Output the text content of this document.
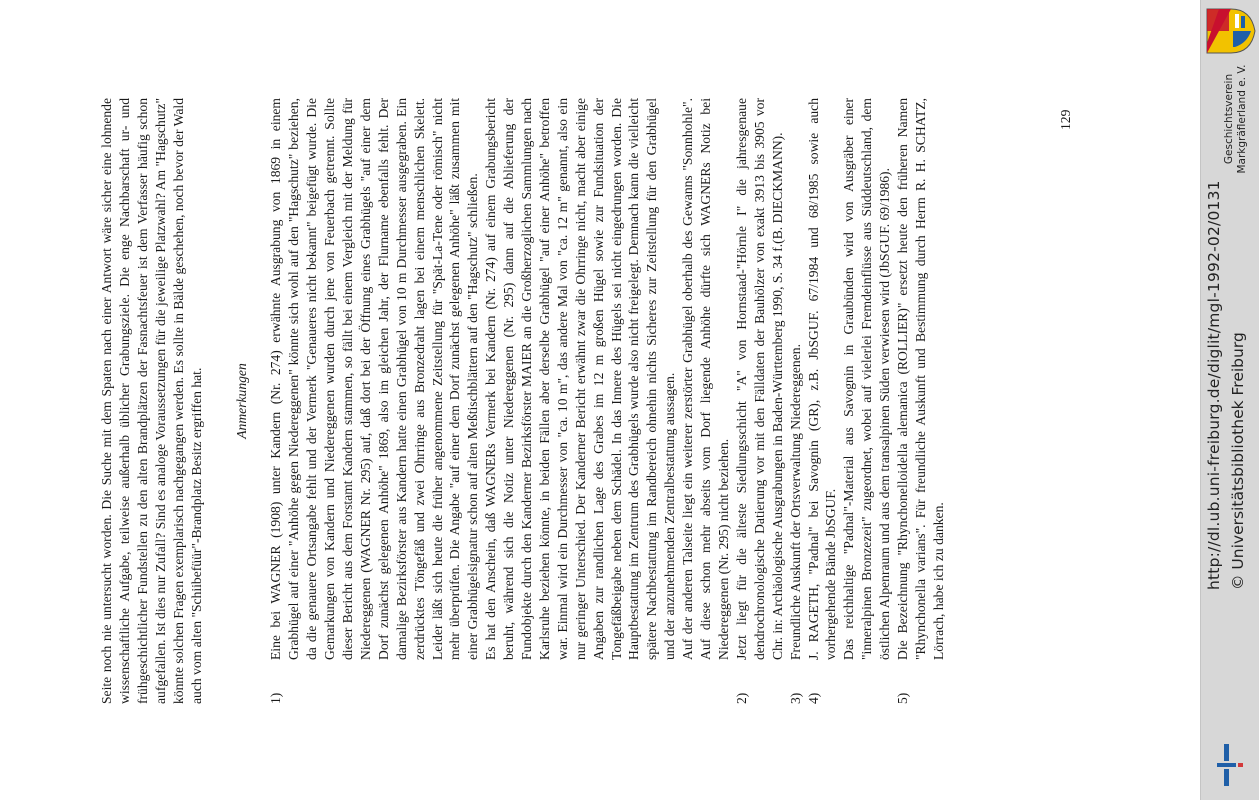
Seite noch nie untersucht worden. Die Suche mit dem Spaten nach einer Antwort wäre sicher eine lohnende wissenschaftliche Aufgabe, teilweise außerhalb üblicher Grabungsziele. Die enge Nachbarschaft ur- und frühgeschichtlicher Fundstellen zu den alten Brandplätzen der Fasnachtsfeuer ist dem Verfasser häufig schon aufgefallen. Ist dies nur Zufall? Sind es analoge Voraussetzungen für die jeweilige Platzwahl? Am "Hagschutz" könnte solchen Fragen exemplarisch nachgegangen werden. Es sollte in Bälde geschehen, noch bevor der Wald auch vom alten "Schiibefüür"-Brandplatz Besitz ergriffen hat. Anmerkungen
1)

Eine bei WAGNER (1908) unter Kandern (Nr. 274) erwähnte Ausgrabung von 1869 in einem Grabhügel auf einer "Anhöhe gegen Niedereggenen" könnte sich wohl auf den "Hagschutz" beziehen, da die genauere Ortsangabe fehlt und der Vermerk "Genaueres nicht bekannt" beigefügt wurde. Die Gemarkungen von Kandern und Niedereggenen wurden durch jene von Feuerbach getrennt. Sollte dieser Bericht aus dem Forstamt Kandern stammen, so fällt bei einem Vergleich mit der Meldung für Niedereggenen (WAGNER Nr. 295) auf, daß dort bei der Öffnung eines Grabhügels "auf einer dem Dorf zunächst gelegenen Anhöhe" 1869, also im gleichen Jahr, der Flurname ebenfalls fehlt. Der damalige Bezirksförster aus Kandern hatte einen Grabhügel von 10 m Durchmesser ausgegraben. Ein zerdrücktes Töngefäß und zwei Ohrringe aus Bronzedraht lagen bei einem menschlichen Skelett. Leider läßt sich heute die früher angenommene Zeitstellung für "Spät-La-Tene oder römisch" nicht mehr überprüfen. Die Angabe "auf einer dem Dorf zunächst gelegenen Anhöhe" läßt zusammen mit einer Grabhügelsignatur schon auf alten Meßtischblättern auf den "Hagschutz" schließen. Es hat den Anschein, daß WAGNERs Vermerk bei Kandern (Nr. 274) auf einem Grabungsbericht beruht, während sich die Notiz unter Niedereggenen (Nr. 295) dann auf die Ablieferung der Fundobjekte durch den Kanderner Bezirksförster MAIER an die Großherzoglichen Sammlungen nach Karlsruhe beziehen könnte, in beiden Fällen aber derselbe Grabhügel "auf einer Anhöhe" betroffen war. Einmal wird ein Durchmesser von "ca. 10 m", das andere Mal von "ca. 12 m" genannt, also ein nur geringer Unterschied. Der Kanderner Bericht erwähnt zwar die Ohrringe nicht, macht aber einige Angaben zur randlichen Lage des Grabes im 12 m großen Hügel sowie zur Fundsituation der Tongefäßbeigabe neben dem Schädel. In das Innere des Hügels sei nicht eingedrungen worden. Die Hauptbestattung im Zentrum des Grabhügels wurde also nicht freigelegt. Demnach kann die vielleicht spätere Nachbestattung im Randbereich ohnehin nichts Sicheres zur Zeitstellung für den Grabhügel und der anzunehmenden Zentralbestattung aussagen. Auf der anderen Talseite liegt ein weiterer zerstörter Grabhügel oberhalb des Gewanns "Sonnhohle". Auf diese schon mehr abseits vom Dorf liegende Anhöhe dürfte sich WAGNERs Notiz bei Niedereggenen (Nr. 295) nicht beziehen.

2)

Jetzt liegt für die älteste Siedlungsschicht "A" von Hornstaad-"Hörnle I" die jahresgenaue dendrochronologische Datierung vor mit den Fälldaten der Bauhölzer von exakt 3913 bis 3905 vor Chr. in: Archäologische Ausgrabungen in Baden-Württemberg 1990, S. 34 f.(B. DIECKMANN).

3)

Freundliche Auskunft der Ortsverwaltung Niedereggenen.

4)

J. RAGETH, "Padnal" bei Savognin (GR), z.B. JbSGUF. 67/1984 und 68/1985 sowie auch vorhergehende Bände JbSGUF. Das reichhaltige "Padnal"-Material aus Savognin in Graubünden wird von Ausgräber einer "inneralpinen Bronzezeit" zugeordnet, wobei auf vielerlei Fremdeinflüsse aus Süddeutschland, dem östlichen Alpenraum und aus dem transalpinen Süden verwiesen wird (JbSGUF. 69/1986).

5)

Die Bezeichnung "Rhynchonelloidella alemanica (ROLLIER)" ersetzt heute den früheren Namen "Rhynchonella varians". Für freundliche Auskunft und Bestimmung durch Herrn R. H. SCHATZ, Lörrach, habe ich zu danken.

129
http://dl.ub.uni-freiburg.de/diglit/mgl-1992-02/0131 © Universitätsbibliothek Freiburg
Geschichtsverein Markgräflerland e. V.
